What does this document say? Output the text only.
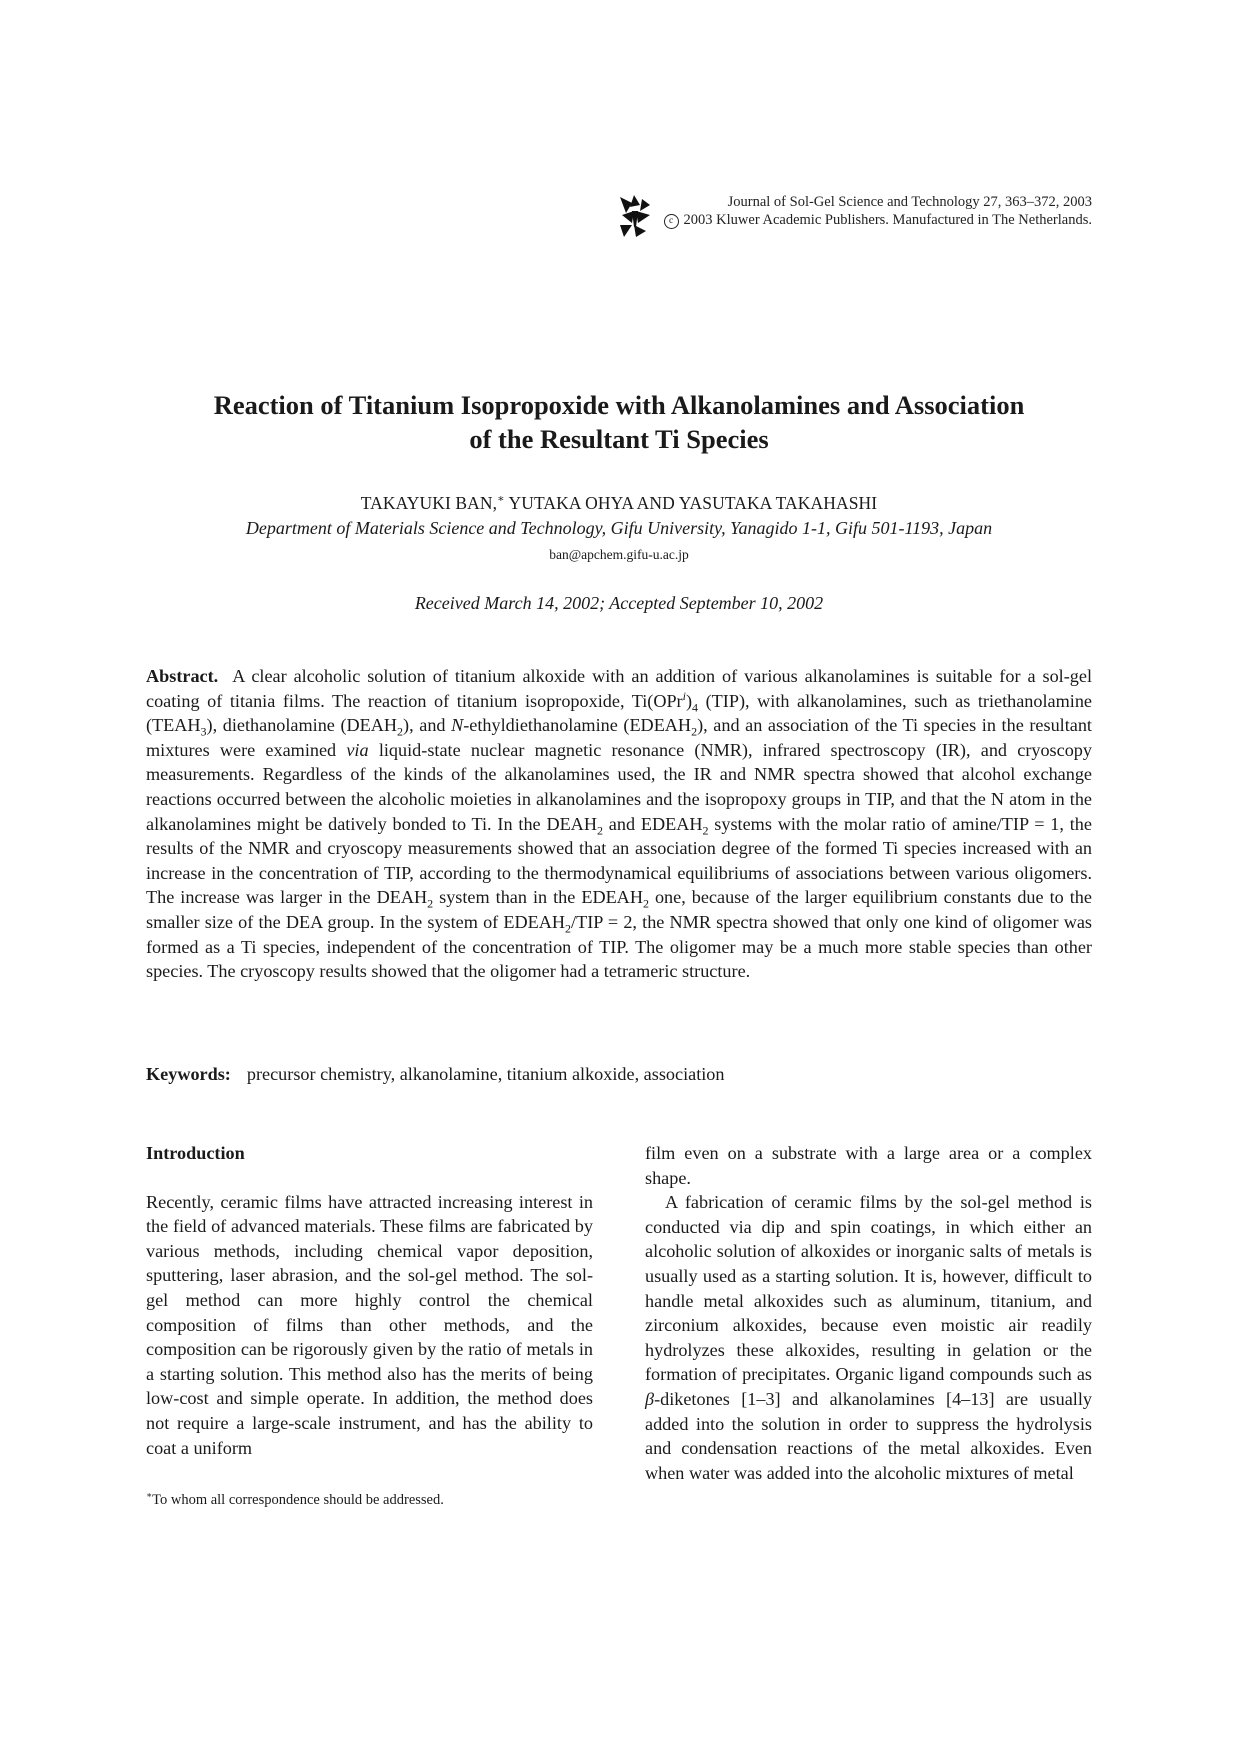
Journal of Sol-Gel Science and Technology 27, 363–372, 2003
c 2003 Kluwer Academic Publishers. Manufactured in The Netherlands.
Reaction of Titanium Isopropoxide with Alkanolamines and Association
of the Resultant Ti Species
TAKAYUKI BAN,∗ YUTAKA OHYA AND YASUTAKA TAKAHASHI
Department of Materials Science and Technology, Gifu University, Yanagido 1-1, Gifu 501-1193, Japan
ban@apchem.gifu-u.ac.jp
Received March 14, 2002; Accepted September 10, 2002
Abstract. A clear alcoholic solution of titanium alkoxide with an addition of various alkanolamines is suitable for a sol-gel coating of titania films. The reaction of titanium isopropoxide, $Ti(OPr^i)_4$ (TIP), with alkanolamines, such as triethanolamine $(TEAH_3)$, diethanolamine $(DEAH_2)$, and N-ethyldiethanolamine $(EDEAH_2)$, and an association of the Ti species in the resultant mixtures were examined via liquid-state nuclear magnetic resonance (NMR), infrared spectroscopy (IR), and cryoscopy measurements. Regardless of the kinds of the alkanolamines used, the IR and NMR spectra showed that alcohol exchange reactions occurred between the alcoholic moieties in alkanolamines and the isopropoxy groups in TIP, and that the N atom in the alkanolamines might be datively bonded to Ti. In the $DEAH_2$ and $EDEAH_2$ systems with the molar ratio of amine/TIP = 1, the results of the NMR and cryoscopy measurements showed that an association degree of the formed Ti species increased with an increase in the concentration of TIP, according to the thermodynamical equilibriums of associations between various oligomers. The increase was larger in the $DEAH_2$ system than in the $EDEAH_2$ one, because of the larger equilibrium constants due to the smaller size of the DEA group. In the system of $EDEAH_2$/TIP = 2, the NMR spectra showed that only one kind of oligomer was formed as a Ti species, independent of the concentration of TIP. The oligomer may be a much more stable species than other species. The cryoscopy results showed that the oligomer had a tetrameric structure.
Keywords: precursor chemistry, alkanolamine, titanium alkoxide, association
Introduction

Recently, ceramic films have attracted increasing interest in the field of advanced materials. These films are fabricated by various methods, including chemical vapor deposition, sputtering, laser abrasion, and the sol-gel method. The sol-gel method can more highly control the chemical composition of films than other methods, and the composition can be rigorously given by the ratio of metals in a starting solution. This method also has the merits of being low-cost and simple operate. In addition, the method does not require a large-scale instrument, and has the ability to coat a uniform

film even on a substrate with a large area or a complex shape.

A fabrication of ceramic films by the sol-gel method is conducted via dip and spin coatings, in which either an alcoholic solution of alkoxides or inorganic salts of metals is usually used as a starting solution. It is, however, difficult to handle metal alkoxides such as aluminum, titanium, and zirconium alkoxides, because even moistic air readily hydrolyzes these alkoxides, resulting in gelation or the formation of precipitates. Organic ligand compounds such as β-diketones [1–3] and alkanolamines [4–13] are usually added into the solution in order to suppress the hydrolysis and condensation reactions of the metal alkoxides. Even when water was added into the alcoholic mixtures of metal

∗To whom all correspondence should be addressed.
